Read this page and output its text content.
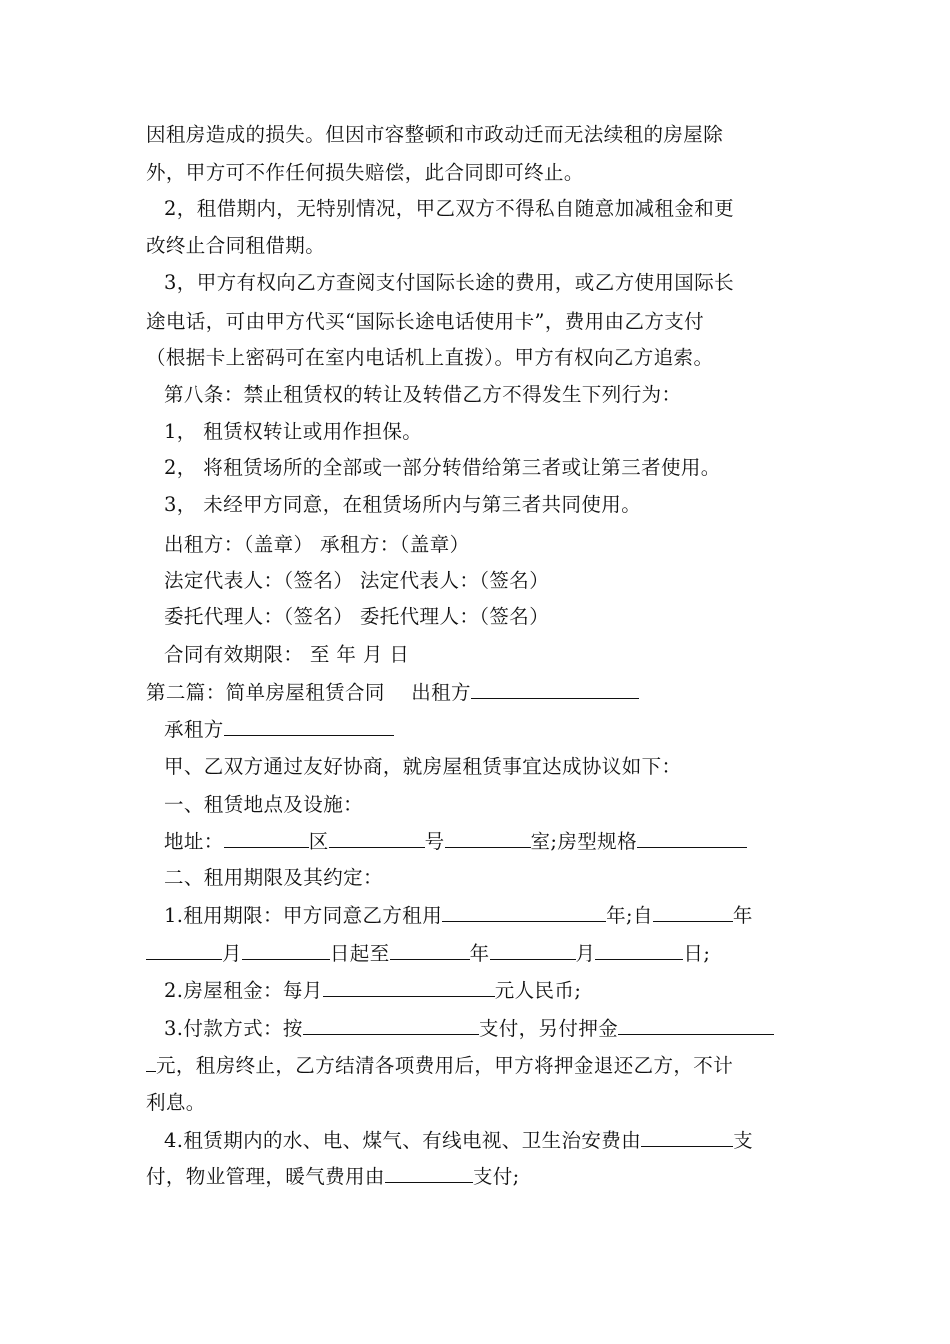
因租房造成的损失。但因市容整顿和市政动迁而无法续租的房屋除
外，甲方可不作任何损失赔偿，此合同即可终止。
2，租借期内，无特别情况，甲乙双方不得私自随意加减租金和更
改终止合同租借期。
3，甲方有权向乙方查阅支付国际长途的费用，或乙方使用国际长
途电话，可由甲方代买“国际长途电话使用卡”，费用由乙方支付
（根据卡上密码可在室内电话机上直拨）。甲方有权向乙方追索。
第八条：禁止租赁权的转让及转借乙方不得发生下列行为：
1， 租赁权转让或用作担保。
2， 将租赁场所的全部或一部分转借给第三者或让第三者使用。
3， 未经甲方同意，在租赁场所内与第三者共同使用。
出租方：（盖章） 承租方：（盖章）
法定代表人：（签名） 法定代表人：（签名）
委托代理人：（签名） 委托代理人：（签名）
合同有效期限： 至 年 月 日
第二篇：简单房屋租赁合同 出租方
承租方
甲、乙双方通过友好协商，就房屋租赁事宜达成协议如下：
一、租赁地点及设施：
地址：	区	号	室;房型规格
二、租用期限及其约定：
1.租用期限：甲方同意乙方租用	年;自	年
月	日起至	年	月	日;
2.房屋租金：每月	元人民币;
3.付款方式：按	支付，另付押金
元，租房终止，乙方结清各项费用后，甲方将押金退还乙方，不计
利息。
4.租赁期内的水、电、煤气、有线电视、卫生治安费由	支
付，物业管理，暖气费用由	支付;
